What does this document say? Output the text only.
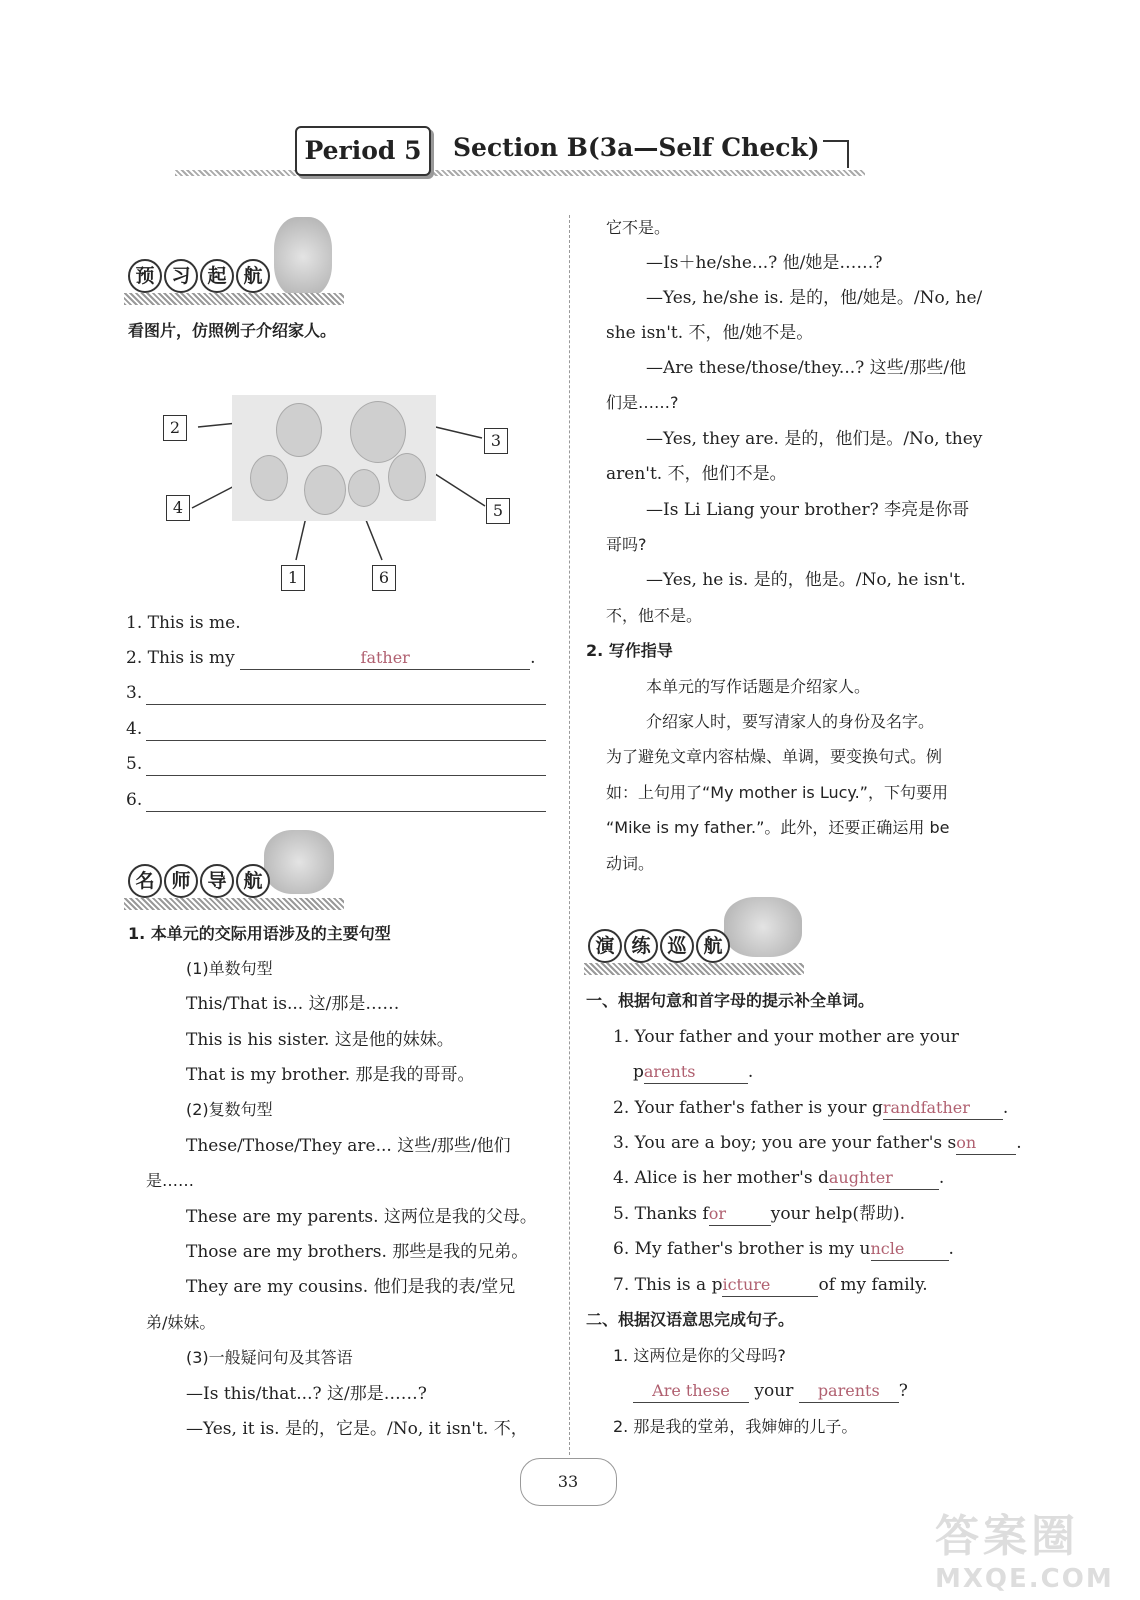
Period 5	Section B(3a—Self Check)
预 习 起 航
看图片，仿照例子介绍家人。
2
3
4	5
1	6
1. This is me.
2. This is my	father	.
3.
4.
5.
6.
名 师 导 航
1. 本单元的交际用语涉及的主要句型
(1)单数句型
This/That is... 这/那是……
This is his sister. 这是他的妹妹。
That is my brother. 那是我的哥哥。
(2)复数句型
These/Those/They are... 这些/那些/他们
是……
These are my parents. 这两位是我的父母。
Those are my brothers. 那些是我的兄弟。
They are my cousins. 他们是我的表/堂兄
弟/妹妹。
(3)一般疑问句及其答语
—Is this/that...? 这/那是……?
—Yes, it is. 是的，它是。/No, it isn't. 不，
它不是。
—Is＋he/she...? 他/她是……?
—Yes, he/she is. 是的，他/她是。/No, he/
she isn't. 不，他/她不是。
—Are these/those/they...? 这些/那些/他
们是……?
—Yes, they are. 是的，他们是。/No, they
aren't. 不，他们不是。
—Is Li Liang your brother? 李亮是你哥
哥吗?
—Yes, he is. 是的，他是。/No, he isn't.
不，他不是。
2. 写作指导
本单元的写作话题是介绍家人。
介绍家人时，要写清家人的身份及名字。
为了避免文章内容枯燥、单调，要变换句式。例
如：上句用了“My mother is Lucy.”，下句要用
“Mike is my father.”。此外，还要正确运用 be
动词。
演 练 巡 航
一、根据句意和首字母的提示补全单词。
1. Your father and your mother are your
parents	.
2. Your father's father is your grandfather .
3. You are a boy; you are your father's son .
4. Alice is her mother's daughter	.
5. Thanks for	your help(帮助).
6. My father's brother is my uncle	.
7. This is a picture	of my family.
二、根据汉语意思完成句子。
1. 这两位是你的父母吗?
Are these your parents ?
2. 那是我的堂弟，我婶婶的儿子。
33
答案圈
MXQE.COM
